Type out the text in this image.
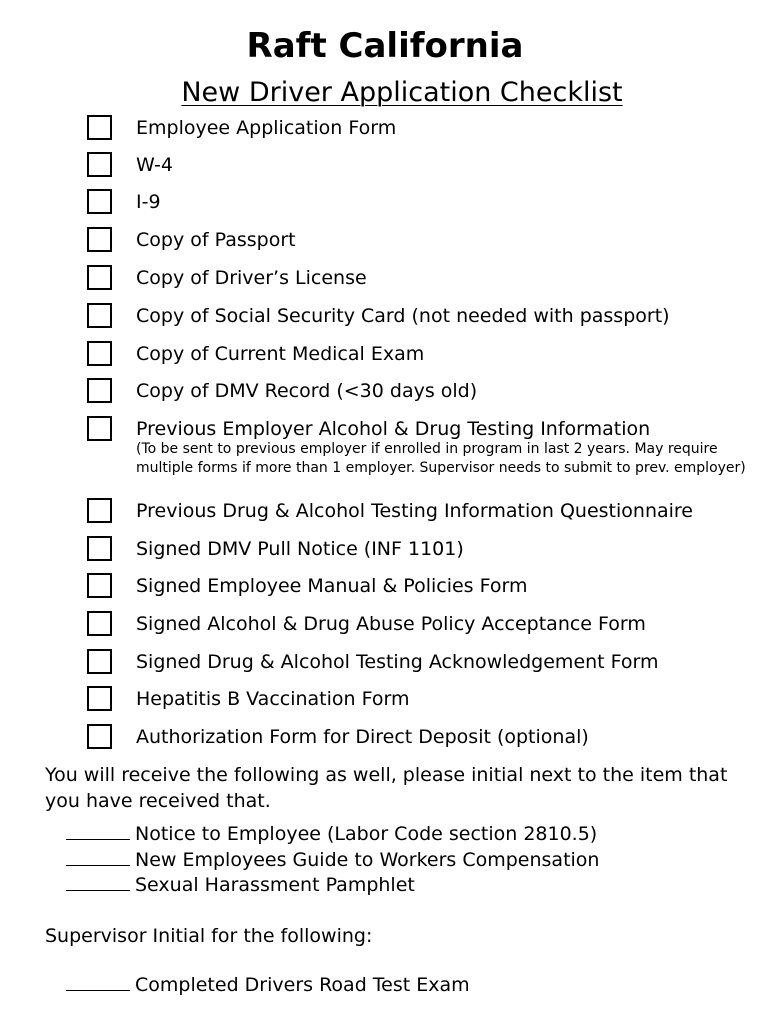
Raft California
New Driver Application Checklist
Employee Application Form
W-4
I-9
Copy of Passport
Copy of Driver’s License
Copy of Social Security Card (not needed with passport)
Copy of Current Medical Exam
Copy of DMV Record (<30 days old)
Previous Employer Alcohol & Drug Testing Information
(To be sent to previous employer if enrolled in program in last 2 years. May require multiple forms if more than 1 employer. Supervisor needs to submit to prev. employer)
Previous Drug & Alcohol Testing Information Questionnaire
Signed DMV Pull Notice (INF 1101)
Signed Employee Manual & Policies Form
Signed Alcohol & Drug Abuse Policy Acceptance Form
Signed Drug & Alcohol Testing Acknowledgement Form
Hepatitis B Vaccination Form
Authorization Form for Direct Deposit (optional)
You will receive the following as well, please initial next to the item that you have received that.
Notice to Employee (Labor Code section 2810.5)
New Employees Guide to Workers Compensation
Sexual Harassment Pamphlet
Supervisor Initial for the following:
Completed Drivers Road Test Exam
